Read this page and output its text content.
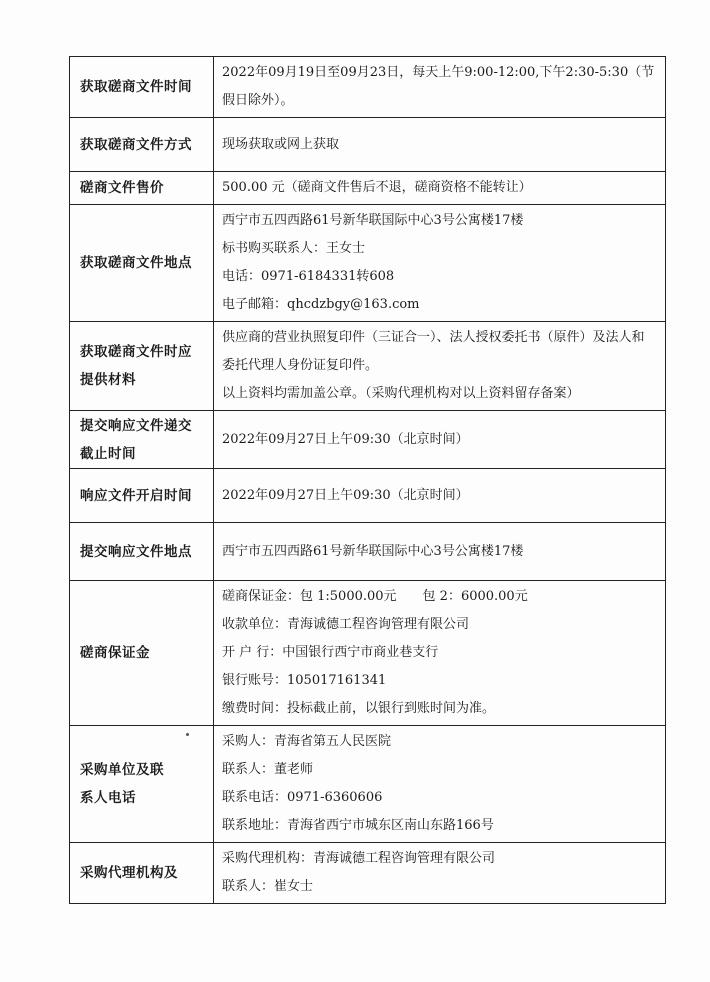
获取磋商文件时间	2022年09月19日至09月23日，每天上午9:00-12:00,下午2:30-5:30（节假日除外）。

获取磋商文件方式	现场获取或网上获取

磋商文件售价	500.00 元（磋商文件售后不退，磋商资格不能转让）

获取磋商文件地点	西宁市五四西路61号新华联国际中心3号公寓楼17楼
标书购买联系人：王女士
电话：0971-6184331转608
电子邮箱：qhcdzbgy@163.com

获取磋商文件时应提供材料	供应商的营业执照复印件（三证合一）、法人授权委托书（原件）及法人和委托代理人身份证复印件。
以上资料均需加盖公章。（采购代理机构对以上资料留存备案）

提交响应文件递交截止时间	2022年09月27日上午09:30（北京时间）

响应文件开启时间	2022年09月27日上午09:30（北京时间）

提交响应文件地点	西宁市五四西路61号新华联国际中心3号公寓楼17楼

磋商保证金	磋商保证金：包 1:5000.00元　　包 2：6000.00元
收款单位：青海诚德工程咨询管理有限公司
开 户 行：中国银行西宁市商业巷支行
银行账号：105017161341
缴费时间：投标截止前，以银行到账时间为准。

采购单位及联系人电话	采购人：青海省第五人民医院
联系人：董老师
联系电话：0971-6360606
联系地址：青海省西宁市城东区南山东路166号

采购代理机构及	采购代理机构：青海诚德工程咨询管理有限公司
联系人：崔女士
